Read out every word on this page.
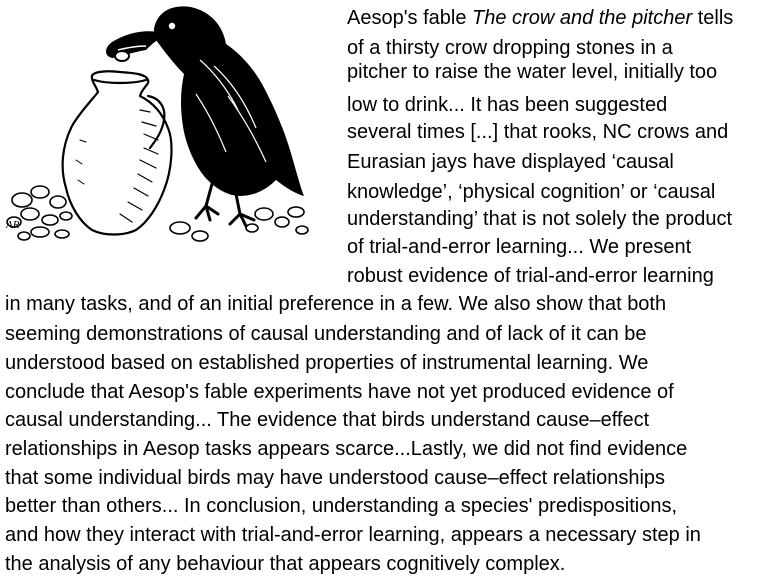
AR
Aesop's fable The crow and the pitcher tells
of a thirsty crow dropping stones in a
pitcher to raise the water level, initially too
low to drink... It has been suggested
several times [...] that rooks, NC crows and
Eurasian jays have displayed ‘causal
knowledge’, ‘physical cognition’ or ‘causal
understanding’ that is not solely the product
of trial-and-error learning... We present
robust evidence of trial-and-error learning
in many tasks, and of an initial preference in a few. We also show that both
seeming demonstrations of causal understanding and of lack of it can be
understood based on established properties of instrumental learning. We
conclude that Aesop's fable experiments have not yet produced evidence of
causal understanding... The evidence that birds understand cause–effect
relationships in Aesop tasks appears scarce...Lastly, we did not find evidence
that some individual birds may have understood cause–effect relationships
better than others... In conclusion, understanding a species' predispositions,
and how they interact with trial-and-error learning, appears a necessary step in
the analysis of any behaviour that appears cognitively complex.
